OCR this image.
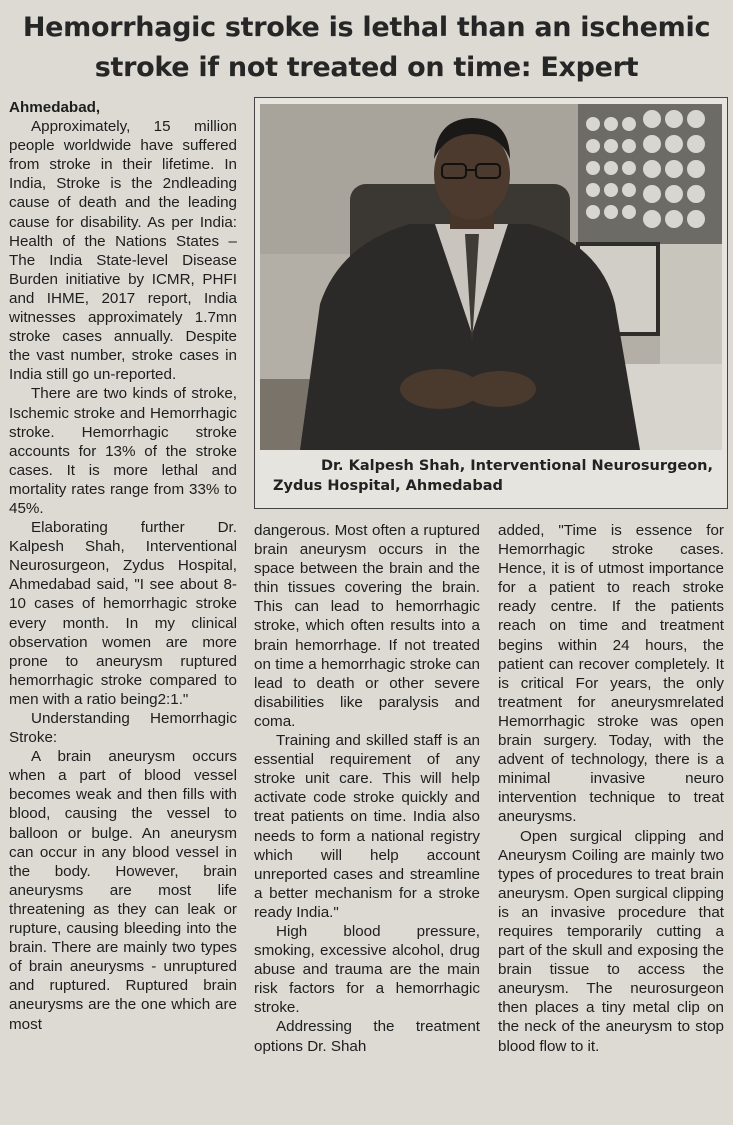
Hemorrhagic stroke is lethal than an ischemic
stroke if not treated on time: Expert

Ahmedabad,

Approximately, 15 million people worldwide have suffered from stroke in their lifetime. In India, Stroke is the 2ndleading cause of death and the leading cause for disability. As per India: Health of the Nations States – The India State-level Disease Burden initiative by ICMR, PHFI and IHME, 2017 report, India witnesses approximately 1.7mn stroke cases annually. Despite the vast number, stroke cases in India still go un-reported.

There are two kinds of stroke, Ischemic stroke and Hemorrhagic stroke. Hemorrhagic stroke accounts for 13% of the stroke cases. It is more lethal and mortality rates range from 33% to 45%.

Elaborating further Dr. Kalpesh Shah, Interventional Neurosurgeon, Zydus Hospital, Ahmedabad said, "I see about 8-10 cases of hemorrhagic stroke every month. In my clinical observation women are more prone to aneurysm ruptured hemorrhagic stroke compared to men with a ratio being2:1."

Understanding Hemorrhagic Stroke:

A brain aneurysm occurs when a part of blood vessel becomes weak and then fills with blood, causing the vessel to balloon or bulge. An aneurysm can occur in any blood vessel in the body. However, brain aneurysms are most life threatening as they can leak or rupture, causing bleeding into the brain. There are mainly two types of brain aneurysms - unruptured and ruptured. Ruptured brain aneurysms are the one which are most

Dr. Kalpesh Shah, Interventional Neurosurgeon,
Zydus Hospital, Ahmedabad

dangerous. Most often a ruptured brain aneurysm occurs in the space between the brain and the thin tissues covering the brain. This can lead to hemorrhagic stroke, which often results into a brain hemorrhage. If not treated on time a hemorrhagic stroke can lead to death or other severe disabilities like paralysis and coma.

Training and skilled staff is an essential requirement of any stroke unit care. This will help activate code stroke quickly and treat patients on time. India also needs to form a national registry which will help account unreported cases and streamline a better mechanism for a stroke ready India."

High blood pressure, smoking, excessive alcohol, drug abuse and trauma are the main risk factors for a hemorrhagic stroke.

Addressing the treatment options Dr. Shah

added, "Time is essence for Hemorrhagic stroke cases. Hence, it is of utmost importance for a patient to reach stroke ready centre. If the patients reach on time and treatment begins within 24 hours, the patient can recover completely. It is critical For years, the only treatment for aneurysmrelated Hemorrhagic stroke was open brain surgery. Today, with the advent of technology, there is a minimal invasive neuro intervention technique to treat aneurysms.

Open surgical clipping and Aneurysm Coiling are mainly two types of procedures to treat brain aneurysm. Open surgical clipping is an invasive procedure that requires temporarily cutting a part of the skull and exposing the brain tissue to access the aneurysm. The neurosurgeon then places a tiny metal clip on the neck of the aneurysm to stop blood flow to it.
